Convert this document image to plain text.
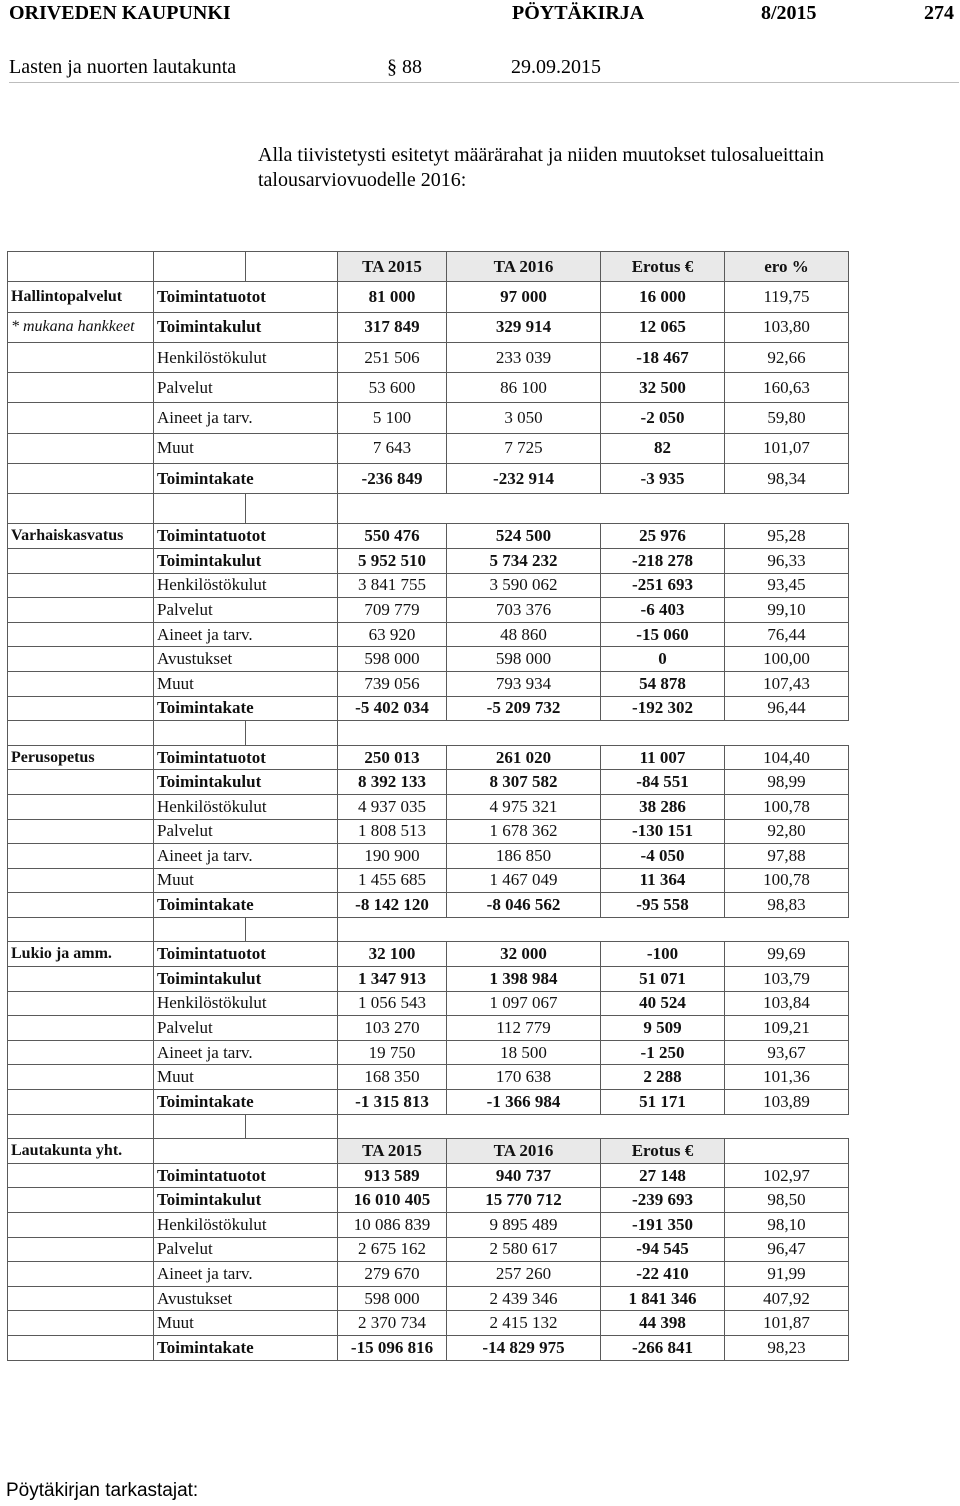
ORIVEDEN KAUPUNKI	PÖYTÄKIRJA	8/2015	274
Lasten ja nuorten lautakunta	§ 88	29.09.2015
Alla tiivistetysti esitetyt määrärahat ja niiden muutokset tulosalueittain
talousarviovuodelle 2016:
			TA 2015	TA 2016	Erotus €	ero %
Hallintopalvelut	Toimintatuotot		81 000	97 000	16 000	119,75
* mukana hankkeet	Toimintakulut		317 849	329 914	12 065	103,80
	Henkilöstökulut		251 506	233 039	-18 467	92,66
	Palvelut		53 600	86 100	32 500	160,63
	Aineet ja tarv.		5 100	3 050	-2 050	59,80
	Muut		7 643	7 725	82	101,07
	Toimintakate		-236 849	-232 914	-3 935	98,34

Varhaiskasvatus	Toimintatuotot		550 476	524 500	25 976	95,28
	Toimintakulut		5 952 510	5 734 232	-218 278	96,33
	Henkilöstökulut		3 841 755	3 590 062	-251 693	93,45
	Palvelut		709 779	703 376	-6 403	99,10
	Aineet ja tarv.		63 920	48 860	-15 060	76,44
	Avustukset		598 000	598 000	0	100,00
	Muut		739 056	793 934	54 878	107,43
	Toimintakate		-5 402 034	-5 209 732	-192 302	96,44

Perusopetus	Toimintatuotot		250 013	261 020	11 007	104,40
	Toimintakulut		8 392 133	8 307 582	-84 551	98,99
	Henkilöstökulut		4 937 035	4 975 321	38 286	100,78
	Palvelut		1 808 513	1 678 362	-130 151	92,80
	Aineet ja tarv.		190 900	186 850	-4 050	97,88
	Muut		1 455 685	1 467 049	11 364	100,78
	Toimintakate		-8 142 120	-8 046 562	-95 558	98,83

Lukio ja amm.	Toimintatuotot		32 100	32 000	-100	99,69
	Toimintakulut		1 347 913	1 398 984	51 071	103,79
	Henkilöstökulut		1 056 543	1 097 067	40 524	103,84
	Palvelut		103 270	112 779	9 509	109,21
	Aineet ja tarv.		19 750	18 500	-1 250	93,67
	Muut		168 350	170 638	2 288	101,36
	Toimintakate		-1 315 813	-1 366 984	51 171	103,89

Lautakunta yht.			TA 2015	TA 2016	Erotus €	
	Toimintatuotot		913 589	940 737	27 148	102,97
	Toimintakulut		16 010 405	15 770 712	-239 693	98,50
	Henkilöstökulut		10 086 839	9 895 489	-191 350	98,10
	Palvelut		2 675 162	2 580 617	-94 545	96,47
	Aineet ja tarv.		279 670	257 260	-22 410	91,99
	Avustukset		598 000	2 439 346	1 841 346	407,92
	Muut		2 370 734	2 415 132	44 398	101,87
	Toimintakate		-15 096 816	-14 829 975	-266 841	98,23
Pöytäkirjan tarkastajat:
